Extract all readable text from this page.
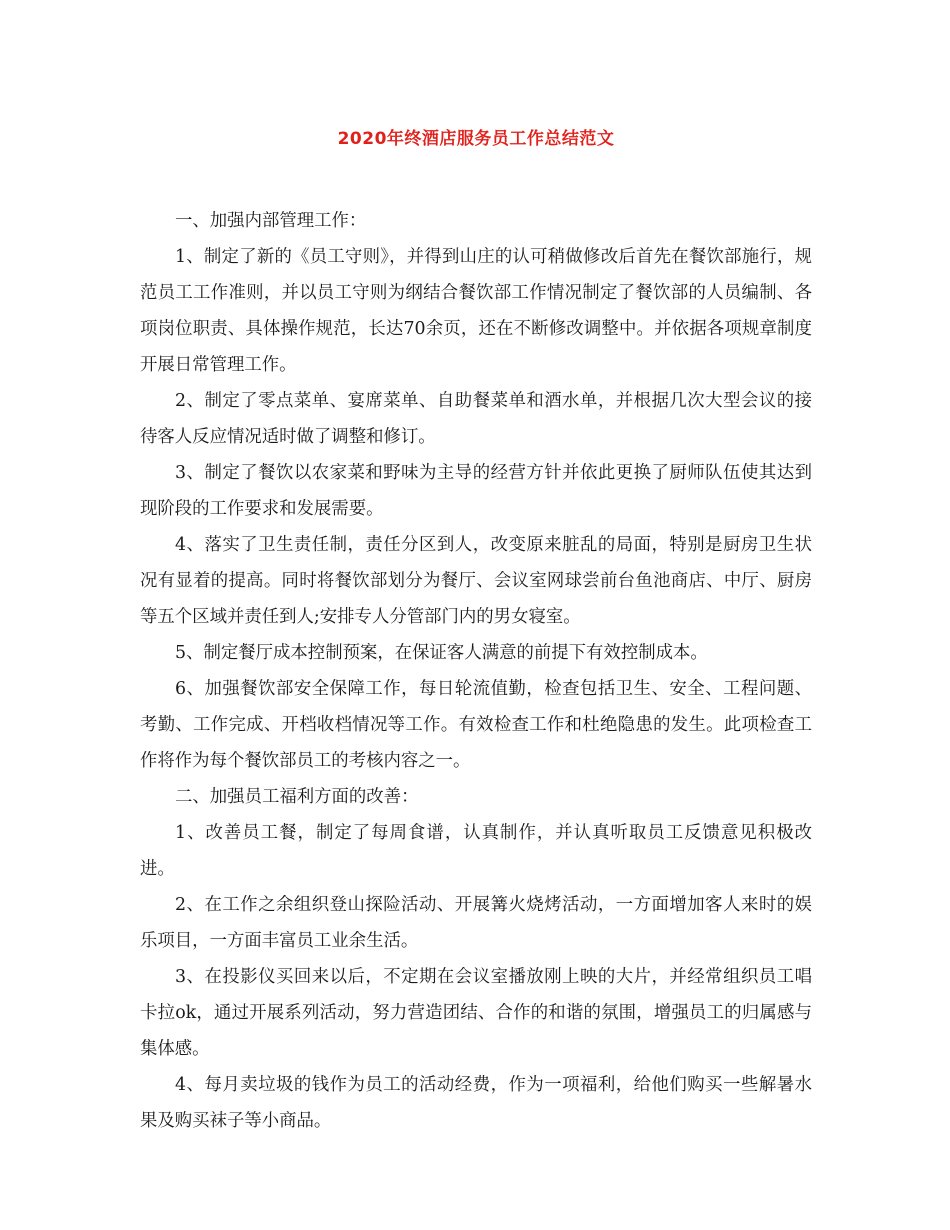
2020年终酒店服务员工作总结范文

一、加强内部管理工作：

1、制定了新的《员工守则》，并得到山庄的认可稍做修改后首先在餐饮部施行，规范员工工作准则，并以员工守则为纲结合餐饮部工作情况制定了餐饮部的人员编制、各项岗位职责、具体操作规范，长达70余页，还在不断修改调整中。并依据各项规章制度开展日常管理工作。

2、制定了零点菜单、宴席菜单、自助餐菜单和酒水单，并根据几次大型会议的接待客人反应情况适时做了调整和修订。

3、制定了餐饮以农家菜和野味为主导的经营方针并依此更换了厨师队伍使其达到现阶段的工作要求和发展需要。

4、落实了卫生责任制，责任分区到人，改变原来脏乱的局面，特别是厨房卫生状况有显着的提高。同时将餐饮部划分为餐厅、会议室网球尝前台鱼池商店、中厅、厨房等五个区域并责任到人;安排专人分管部门内的男女寝室。

5、制定餐厅成本控制预案，在保证客人满意的前提下有效控制成本。

6、加强餐饮部安全保障工作，每日轮流值勤，检查包括卫生、安全、工程问题、考勤、工作完成、开档收档情况等工作。有效检查工作和杜绝隐患的发生。此项检查工作将作为每个餐饮部员工的考核内容之一。

二、加强员工福利方面的改善：

1、改善员工餐，制定了每周食谱，认真制作，并认真听取员工反馈意见积极改进。

2、在工作之余组织登山探险活动、开展篝火烧烤活动，一方面增加客人来时的娱乐项目，一方面丰富员工业余生活。

3、在投影仪买回来以后，不定期在会议室播放刚上映的大片，并经常组织员工唱卡拉ok，通过开展系列活动，努力营造团结、合作的和谐的氛围，增强员工的归属感与集体感。

4、每月卖垃圾的钱作为员工的活动经费，作为一项福利，给他们购买一些解暑水果及购买袜子等小商品。
